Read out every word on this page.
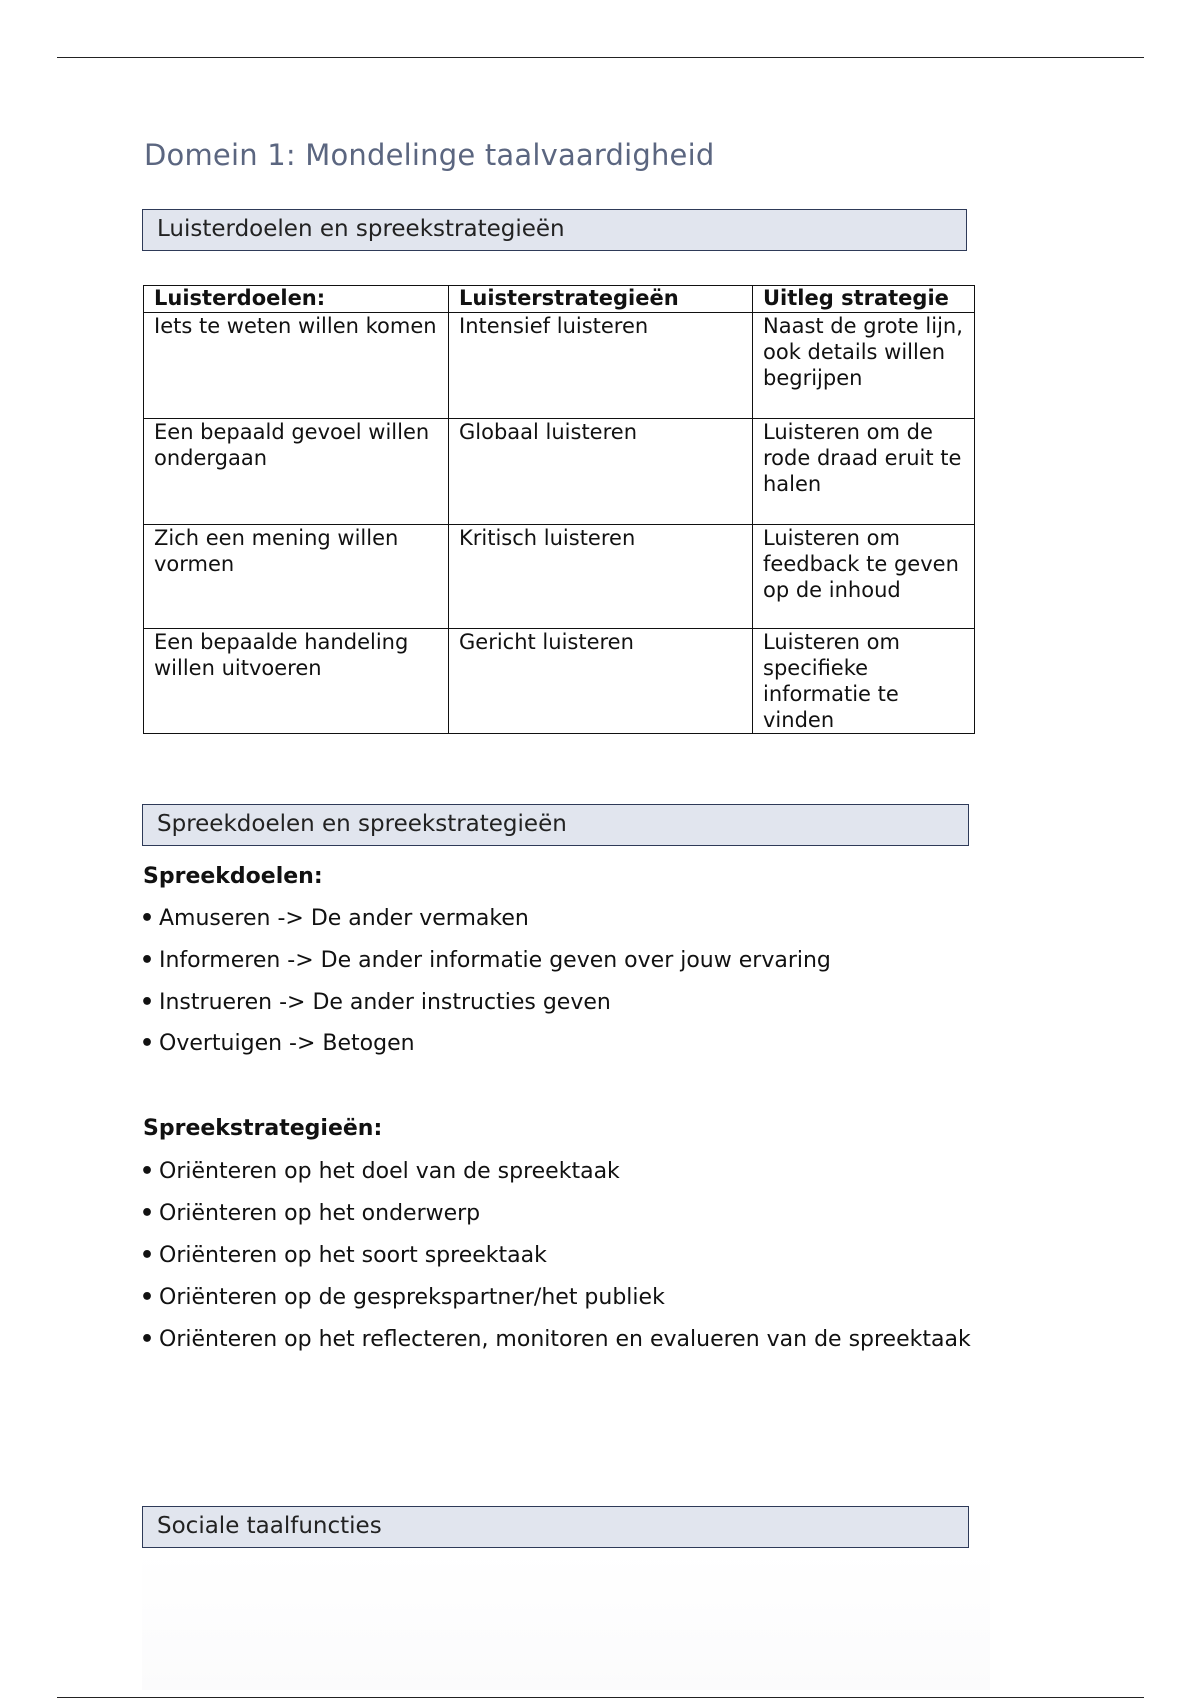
Domein 1: Mondelinge taalvaardigheid
Luisterdoelen en spreekstrategieën
Luisterdoelen:	Luisterstrategieën	Uitleg strategie
Iets te weten willen komen	Intensief luisteren	Naast de grote lijn, ook details willen begrijpen
Een bepaald gevoel willen ondergaan	Globaal luisteren	Luisteren om de rode draad eruit te halen
Zich een mening willen vormen	Kritisch luisteren	Luisteren om feedback te geven op de inhoud
Een bepaalde handeling willen uitvoeren	Gericht luisteren	Luisteren om specifieke informatie te vinden
Spreekdoelen en spreekstrategieën
Spreekdoelen:
• Amuseren -> De ander vermaken
• Informeren -> De ander informatie geven over jouw ervaring
• Instrueren -> De ander instructies geven
• Overtuigen -> Betogen
Spreekstrategieën:
• Oriënteren op het doel van de spreektaak
• Oriënteren op het onderwerp
• Oriënteren op het soort spreektaak
• Oriënteren op de gesprekspartner/het publiek
• Oriënteren op het reflecteren, monitoren en evalueren van de spreektaak
Sociale taalfuncties
